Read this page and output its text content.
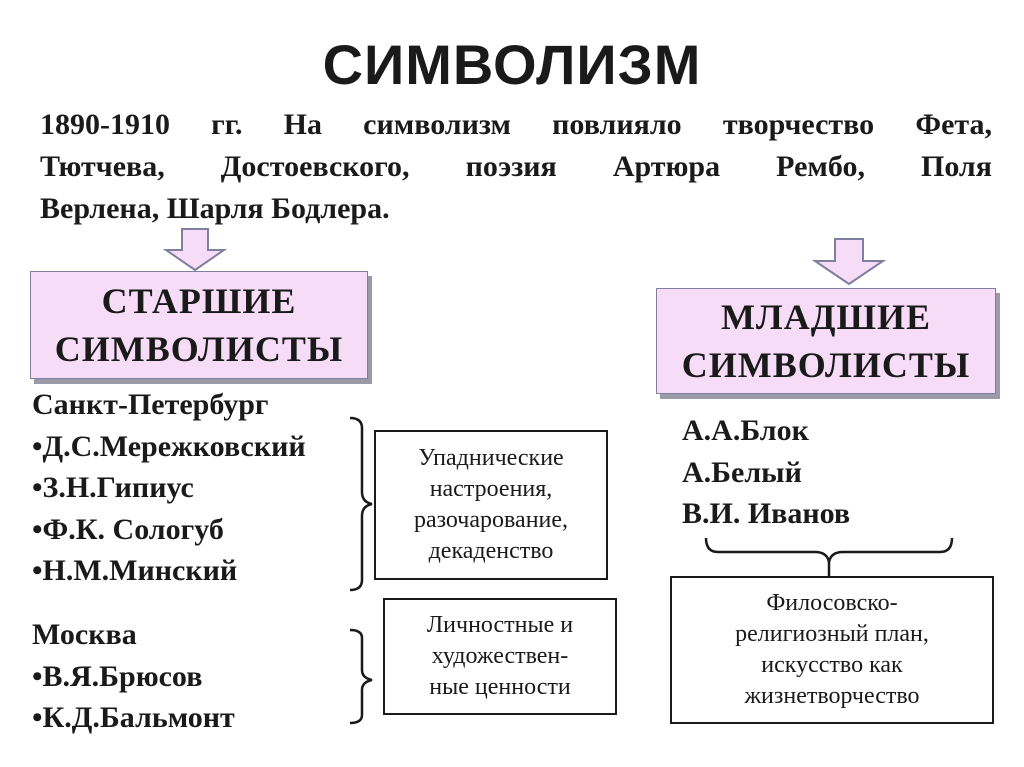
СИМВОЛИЗМ
1890-1910 гг. На символизм повлияло творчество Фета,
Тютчева, Достоевского, поэзия Артюра Рембо, Поля
Верлена, Шарля Бодлера.
СТАРШИЕ
СИМВОЛИСТЫ
МЛАДШИЕ
СИМВОЛИСТЫ
Санкт-Петербург
•Д.С.Мережковский
•З.Н.Гипиус
•Ф.К. Сологуб
•Н.М.Минский
Москва
•В.Я.Брюсов
•К.Д.Бальмонт
Упаднические
настроения,
разочарование,
декаденство
Личностные и
художествен-
ные ценности
А.А.Блок
А.Белый
В.И. Иванов
Филосовско-
религиозный план,
искусство как
жизнетворчество
